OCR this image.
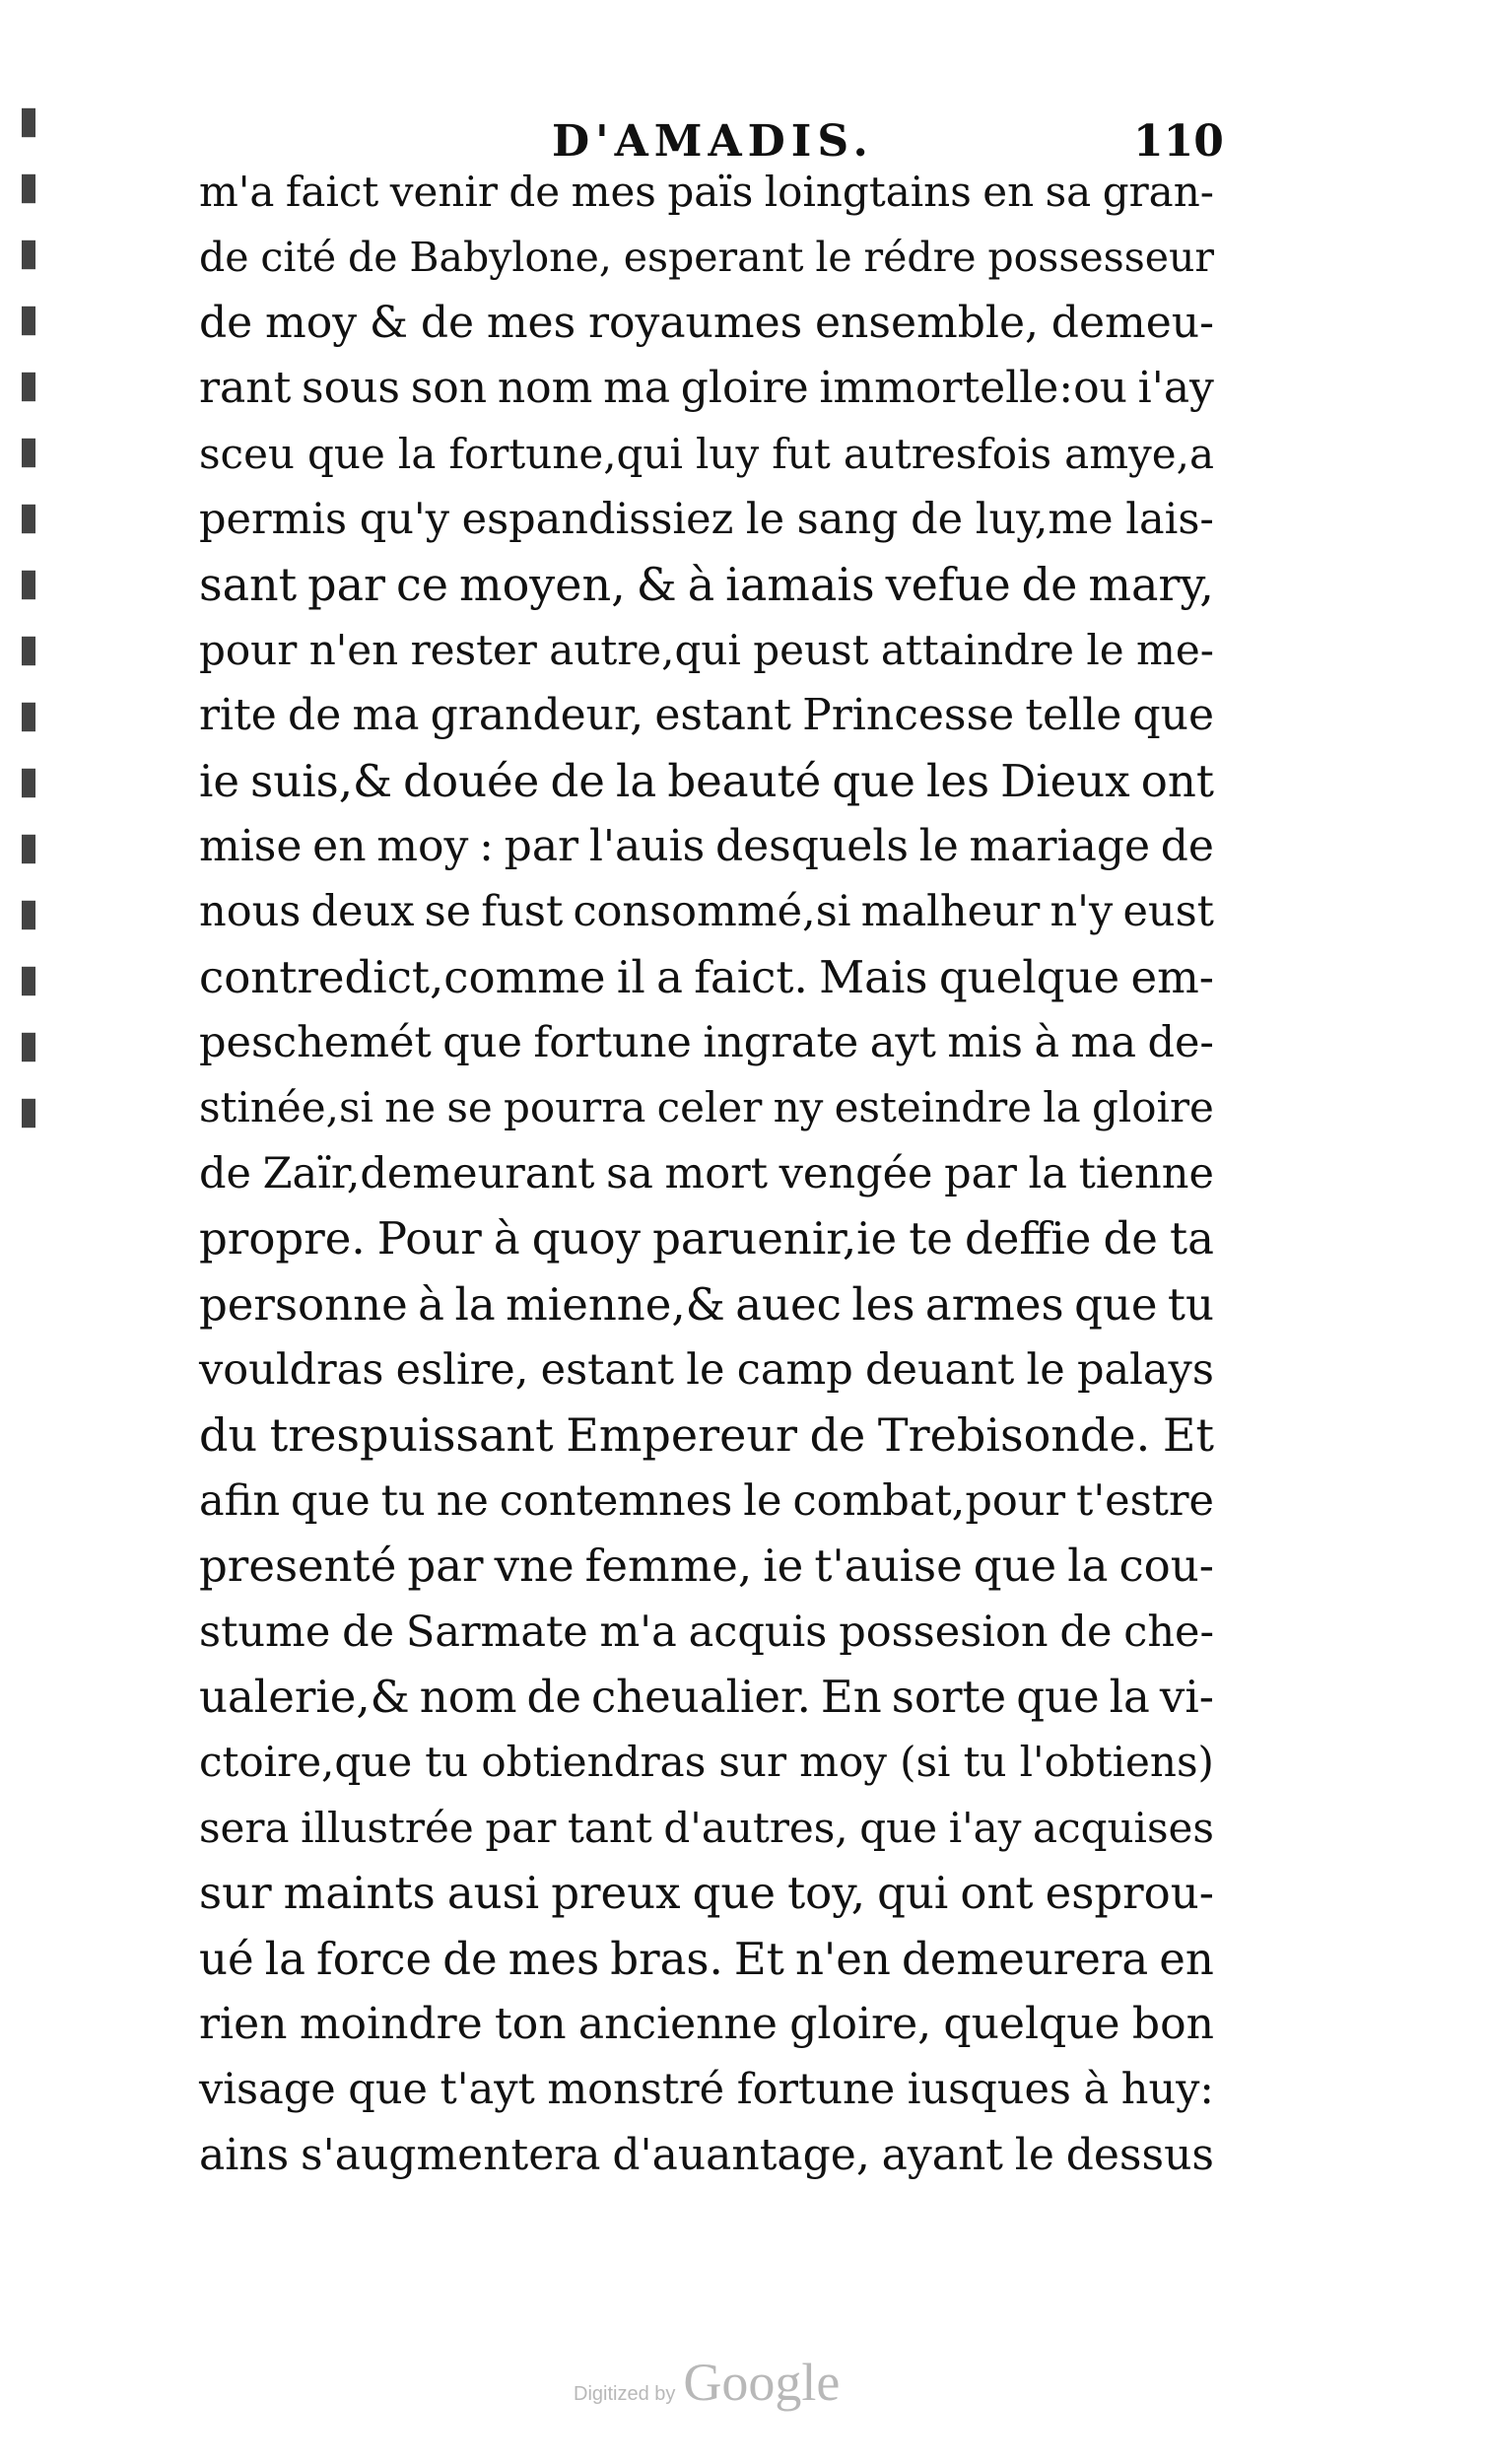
D'AMADIS.	110
m'a faict venir de mes païs loingtains en sa gran-
de cité de Babylone, esperant le rédre possesseur
de moy & de mes royaumes ensemble, demeu-
rant sous son nom ma gloire immortelle:ou i'ay
sceu que la fortune,qui luy fut autresfois amye,a
permis qu'y espandissiez le sang de luy,me lais-
sant par ce moyen, & à iamais vefue de mary,
pour n'en rester autre,qui peust attaindre le me-
rite de ma grandeur, estant Princesse telle que
ie suis,& douée de la beauté que les Dieux ont
mise en moy : par l'auis desquels le mariage de
nous deux se fust consommé,si malheur n'y eust
contredict,comme il a faict. Mais quelque em-
peschemét que fortune ingrate ayt mis à ma de-
stinée,si ne se pourra celer ny esteindre la gloire
de Zaïr,demeurant sa mort vengée par la tienne
propre. Pour à quoy paruenir,ie te deffie de ta
personne à la mienne,& auec les armes que tu
vouldras eslire, estant le camp deuant le palays
du trespuissant Empereur de Trebisonde. Et
afin que tu ne contemnes le combat,pour t'estre
presenté par vne femme, ie t'auise que la cou-
stume de Sarmate m'a acquis possesion de che-
ualerie,& nom de cheualier. En sorte que la vi-
ctoire,que tu obtiendras sur moy (si tu l'obtiens)
sera illustrée par tant d'autres, que i'ay acquises
sur maints ausi preux que toy, qui ont esprou-
ué la force de mes bras. Et n'en demeurera en
rien moindre ton ancienne gloire, quelque bon
visage que t'ayt monstré fortune iusques à huy:
ains s'augmentera d'auantage, ayant le dessus
Digitized by Google
